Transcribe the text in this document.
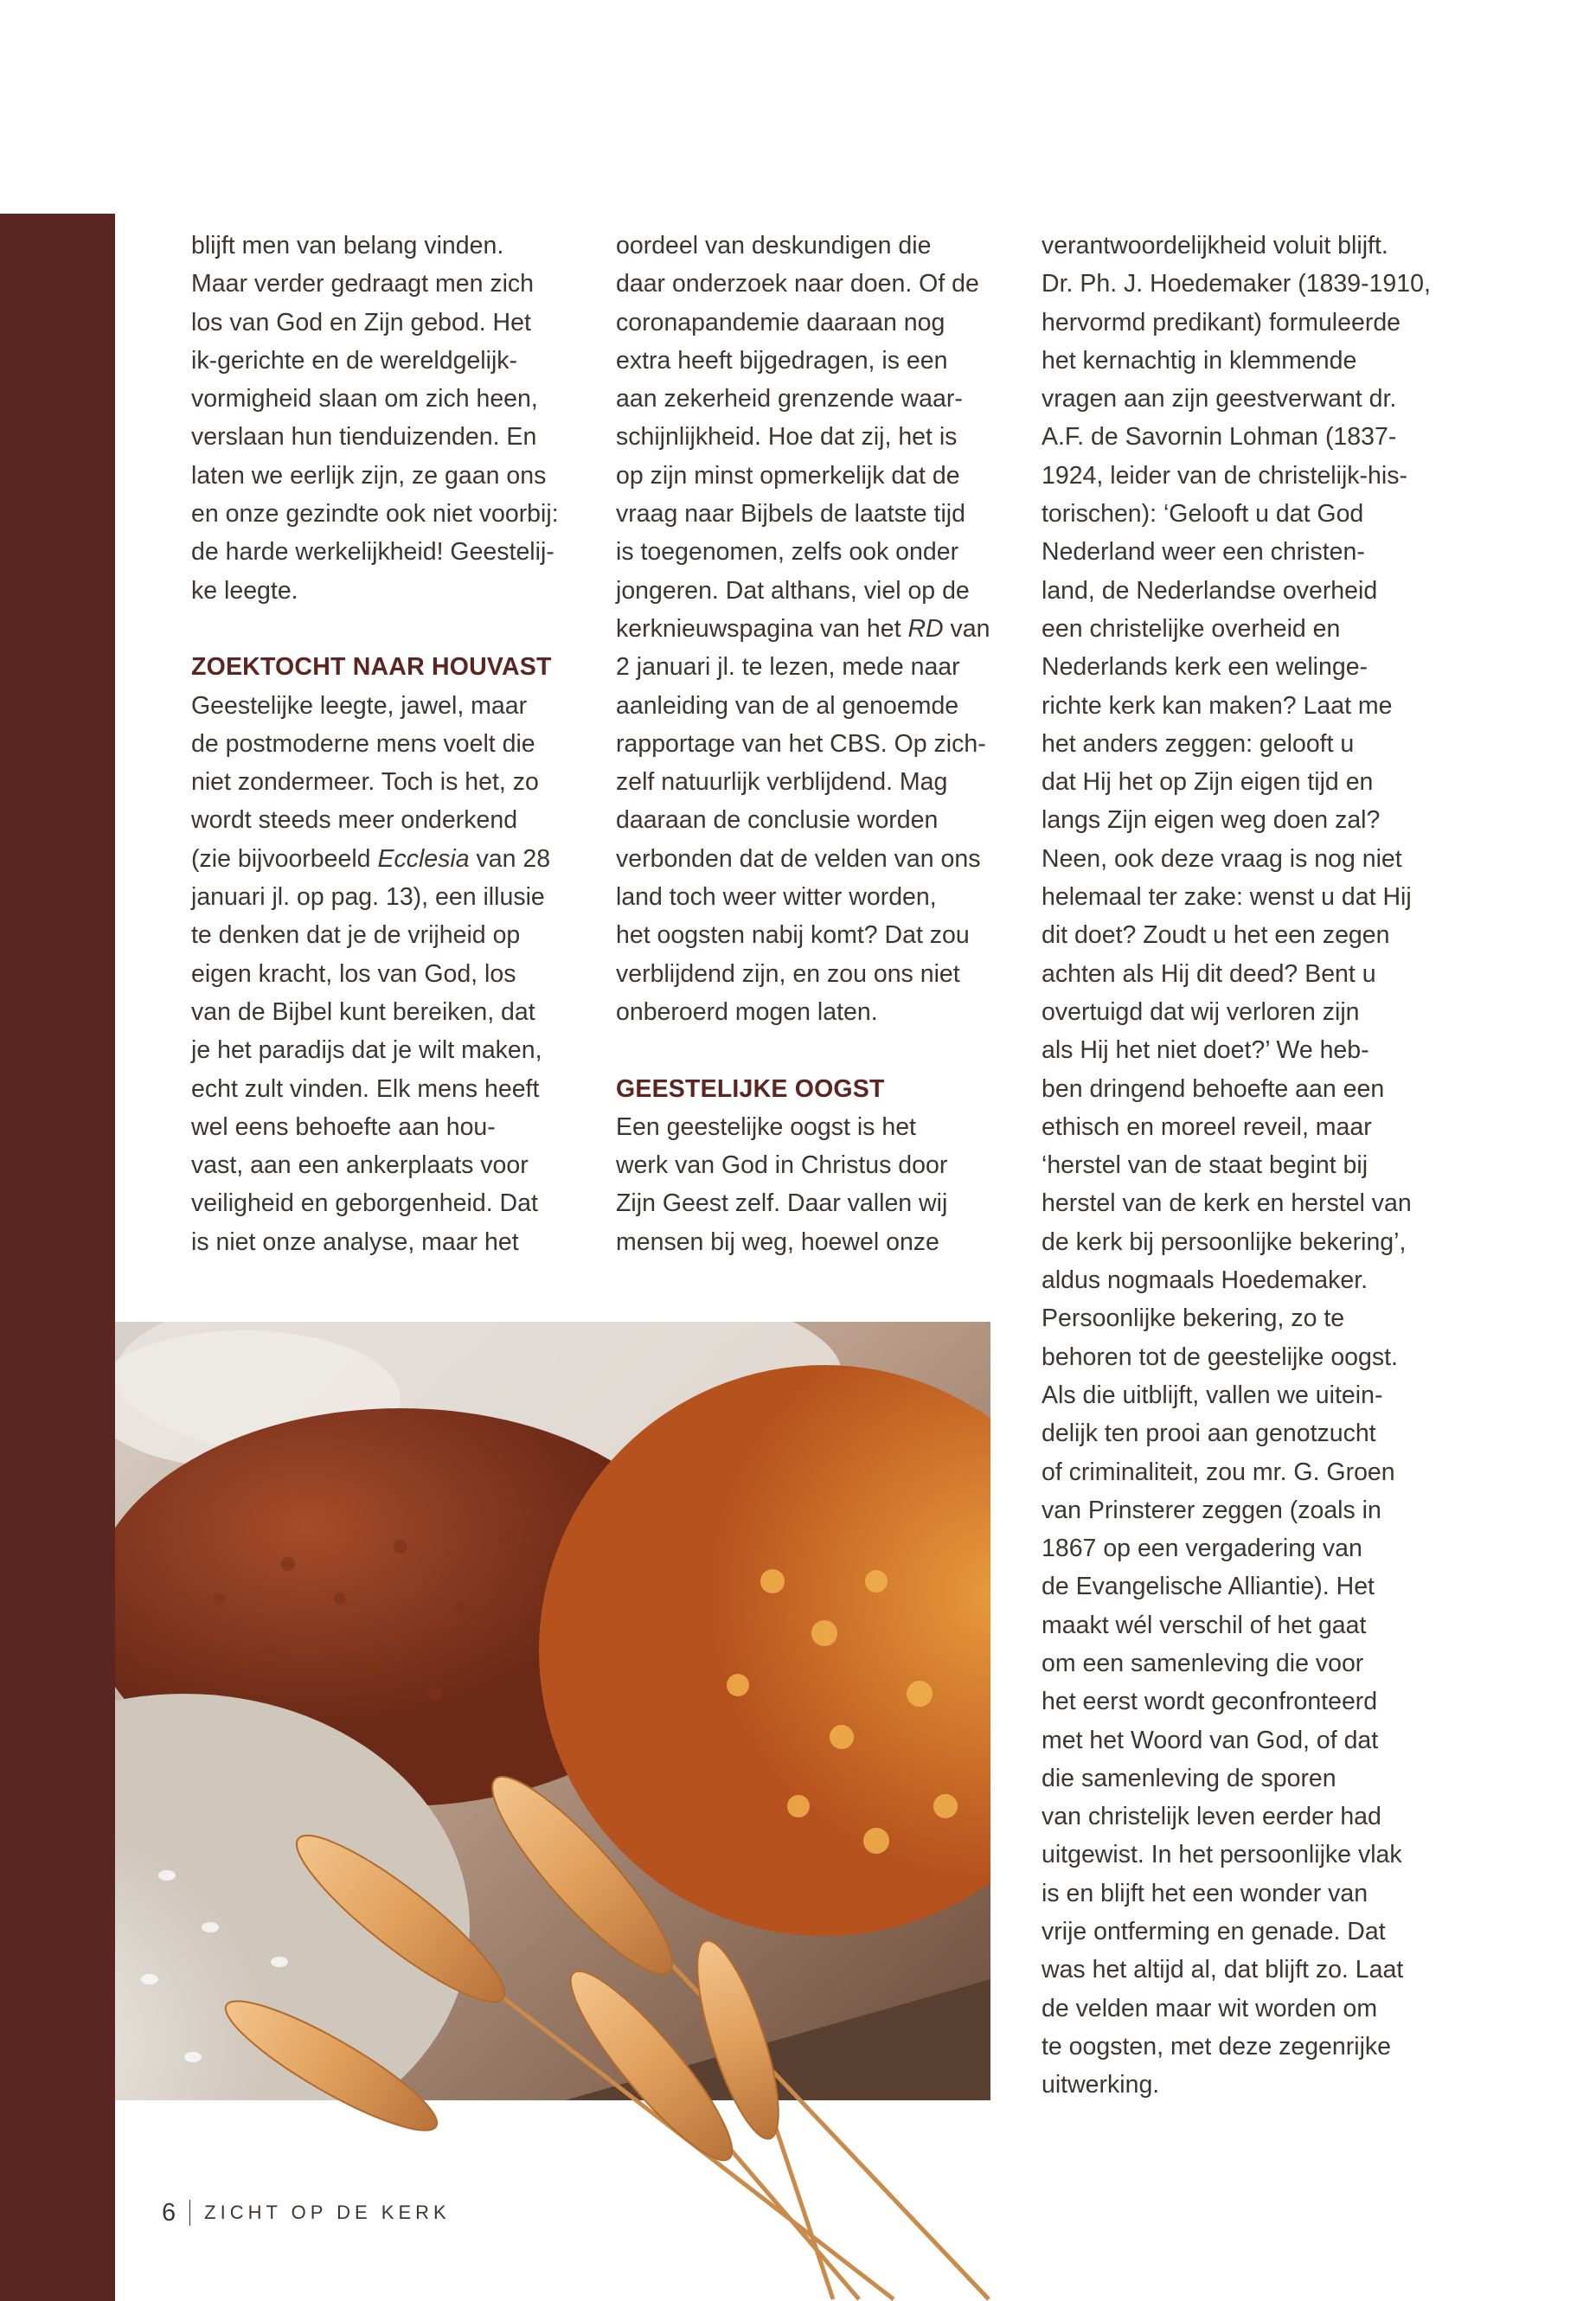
blijft men van belang vinden.
Maar verder gedraagt men zich
los van God en Zijn gebod. Het
ik-gerichte en de wereldgelijk-
vormigheid slaan om zich heen,
verslaan hun tienduizenden. En
laten we eerlijk zijn, ze gaan ons
en onze gezindte ook niet voorbij:
de harde werkelijkheid! Geestelij-
ke leegte.
ZOEKTOCHT NAAR HOUVAST
Geestelijke leegte, jawel, maar
de postmoderne mens voelt die
niet zondermeer. Toch is het, zo
wordt steeds meer onderkend
(zie bijvoorbeeld Ecclesia van 28
januari jl. op pag. 13), een illusie
te denken dat je de vrijheid op
eigen kracht, los van God, los
van de Bijbel kunt bereiken, dat
je het paradijs dat je wilt maken,
echt zult vinden. Elk mens heeft
wel eens behoefte aan hou-
vast, aan een ankerplaats voor
veiligheid en geborgenheid. Dat
is niet onze analyse, maar het
oordeel van deskundigen die
daar onderzoek naar doen. Of de
coronapandemie daaraan nog
extra heeft bijgedragen, is een
aan zekerheid grenzende waar-
schijnlijkheid. Hoe dat zij, het is
op zijn minst opmerkelijk dat de
vraag naar Bijbels de laatste tijd
is toegenomen, zelfs ook onder
jongeren. Dat althans, viel op de
kerknieuwspagina van het RD van
2 januari jl. te lezen, mede naar
aanleiding van de al genoemde
rapportage van het CBS. Op zich-
zelf natuurlijk verblijdend. Mag
daaraan de conclusie worden
verbonden dat de velden van ons
land toch weer witter worden,
het oogsten nabij komt? Dat zou
verblijdend zijn, en zou ons niet
onberoerd mogen laten.
GEESTELIJKE OOGST
Een geestelijke oogst is het
werk van God in Christus door
Zijn Geest zelf. Daar vallen wij
mensen bij weg, hoewel onze
verantwoordelijkheid voluit blijft.
Dr. Ph. J. Hoedemaker (1839-1910,
hervormd predikant) formuleerde
het kernachtig in klemmende
vragen aan zijn geestverwant dr.
A.F. de Savornin Lohman (1837-
1924, leider van de christelijk-his-
torischen): ‘Gelooft u dat God
Nederland weer een christen-
land, de Nederlandse overheid
een christelijke overheid en
Nederlands kerk een welinge-
richte kerk kan maken? Laat me
het anders zeggen: gelooft u
dat Hij het op Zijn eigen tijd en
langs Zijn eigen weg doen zal?
Neen, ook deze vraag is nog niet
helemaal ter zake: wenst u dat Hij
dit doet? Zoudt u het een zegen
achten als Hij dit deed? Bent u
overtuigd dat wij verloren zijn
als Hij het niet doet?’ We heb-
ben dringend behoefte aan een
ethisch en moreel reveil, maar
‘herstel van de staat begint bij
herstel van de kerk en herstel van
de kerk bij persoonlijke bekering’,
aldus nogmaals Hoedemaker.
Persoonlijke bekering, zo te
behoren tot de geestelijke oogst.
Als die uitblijft, vallen we uitein-
delijk ten prooi aan genotzucht
of criminaliteit, zou mr. G. Groen
van Prinsterer zeggen (zoals in
1867 op een vergadering van
de Evangelische Alliantie). Het
maakt wél verschil of het gaat
om een samenleving die voor
het eerst wordt geconfronteerd
met het Woord van God, of dat
die samenleving de sporen
van christelijk leven eerder had
uitgewist. In het persoonlijke vlak
is en blijft het een wonder van
vrije ontferming en genade. Dat
was het altijd al, dat blijft zo. Laat
de velden maar wit worden om
te oogsten, met deze zegenrijke
uitwerking.
6 ZICHT OP DE KERK
